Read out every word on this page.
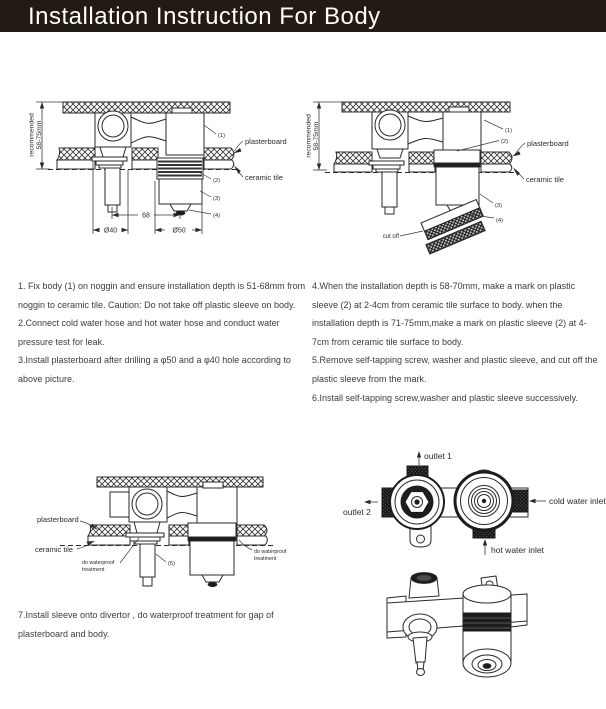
Installation Instruction For Body
recommended 58-75mm
68
Ø40	Ø50
(1)
(2)
(3)
(4)
plasterboard
ceramic tile
recommended 58-75mm
cut off
(1)
(2)
(3)
(4)
plasterboard
ceramic tile

1. Fix body (1) on noggin and ensure installation depth is 51-68mm from noggin to ceramic tile. Caution: Do not take off plastic sleeve on body.

2.Connect cold water hose and hot water hose and conduct water pressure test for leak.

3.Install plasterboard after drilling a φ50 and a φ40 hole according to above picture.

4.When the installation depth is 58-70mm, make a mark on plastic sleeve (2) at 2-4cm from ceramic tile surface to body. when the installation depth is 71-75mm,make a mark on plastic sleeve (2) at 4-7cm from ceramic tile surface to body.

5.Remove self-tapping screw, washer and plastic sleeve, and cut off the plastic sleeve from the mark.

6.Install self-tapping screw,washer and plastic sleeve successively.

plasterboard
ceramic tile
(5)
do waterproof
treatment
do waterproof
treatment

7.Install sleeve onto divertor , do waterproof treatment for gap of plasterboard and body.

outlet 1
outlet 2
cold water inlet
hot water inlet
